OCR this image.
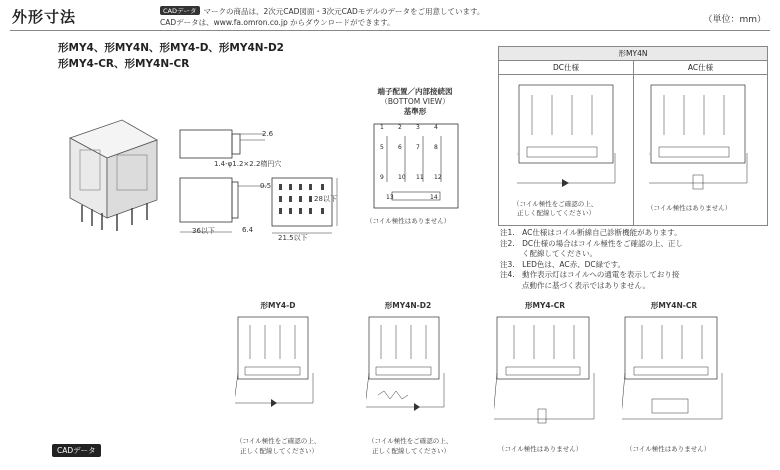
外形寸法	CADデータ マークの商品は、2次元CAD図面・3次元CADモデルのデータをご用意しています。
CADデータは、www.fa.omron.co.jp からダウンロードができます。	（単位：mm）
形MY4、形MY4N、形MY4-D、形MY4N-D2
形MY4-CR、形MY4N-CR
2.6
1.4-φ1.2×2.2楕円穴
0.5
36以下	6.4
28以下
21.5以下
端子配置／内部接続図
（BOTTOM VIEW）
基準形
1 2 3 4
5 6 7 8
9 10 11 12
13	14
（コイル極性はありません）
形MY4N
DC仕様	AC仕様
（コイル極性をご確認の上、
正しく配線してください）
（コイル極性はありません）
注1.　AC仕様はコイル断線自己診断機能があります。
注2.　DC仕様の場合はコイル極性をご確認の上、正し
く配線してください。
注3.　LED色は、AC赤、DC緑です。
注4.　動作表示灯はコイルへの通電を表示しており接
点動作に基づく表示ではありません。
形MY4-D	形MY4N-D2	形MY4-CR	形MY4N-CR
（コイル極性をご確認の上、
正しく配線してください）
（コイル極性をご確認の上、
正しく配線してください）	（コイル極性はありません）	（コイル極性はありません）
CADデータ
